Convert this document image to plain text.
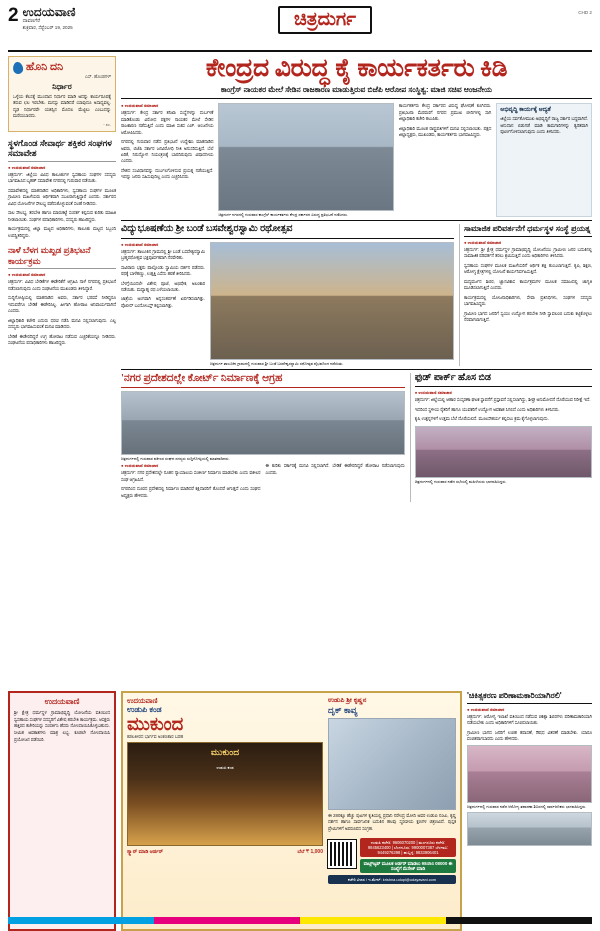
2 ಉದಯವಾಣಿ
ದಾವಣಗೆರೆ
ಶುಕ್ರವಾರ, ಸೆಪ್ಟೆಂಬರ್ 19, 2025	ಚಿತ್ರದುರ್ಗ	CHD 2
ಹೊನಿ ದನಿ
ಎಸ್. ಹೊಂಡಗಳ್
ನಿರ್ಧಾರ
ಒಳ್ಳೆಯ ಕೆಲಸಕ್ಕೆ ಮುಂದಾದ ನಿರ್ಧಾರ ಮಾಡಿ ಅದನ್ನು ಕಾರ್ಯರೂಪಕ್ಕೆ ತರುವ ಛಲ ಇರಬೇಕು. ಮನಸ್ಸು ಮಾಡಿದರೆ ಯಾವುದೂ ಅಸಾಧ್ಯವಲ್ಲ. ದೃಢ ನಿರ್ಧಾರವೇ ಯಶಸ್ಸಿನ ಮೊದಲ ಮೆಟ್ಟಿಲು ಎಂಬುದನ್ನು ಮರೆಯಬಾರದು.
- ಸಂ.
ಸ್ಥಳಗೊಂಡ ಸೇವಾರ್ಥ ಶಕ್ತಿಕರ ಸಂಘಗಳ ಸಮಾವೇಶ
● ಉದಯವಾಣಿ ಸಮಾಚಾರ

ಚಿತ್ರದುರ್ಗ: ಜಿಲ್ಲೆಯ ವಿವಿಧ ತಾಲೂಕುಗಳ ಸ್ವಸಹಾಯ ಸಂಘಗಳ ಸದಸ್ಯರು ಭಾಗವಹಿಸಿದ ಬೃಹತ್ ಸಮಾವೇಶ ನಗರದಲ್ಲಿ ಗುರುವಾರ ನಡೆಯಿತು.

ಸಮಾವೇಶದಲ್ಲಿ ಮಾತನಾಡಿದ ಅಧಿಕಾರಿಗಳು, ಸ್ವಸಹಾಯ ಸಂಘಗಳ ಮೂಲಕ ಗ್ರಾಮೀಣ ಮಹಿಳೆಯರು ಆರ್ಥಿಕವಾಗಿ ಸಬಲರಾಗುತ್ತಿದ್ದಾರೆ ಎಂದರು. ಸರ್ಕಾರದ ವಿವಿಧ ಯೋಜನೆಗಳ ಸೌಲಭ್ಯ ಪಡೆದುಕೊಳ್ಳುವಂತೆ ಸಲಹೆ ನೀಡಿದರು.

ಸಾಲ ಸೌಲಭ್ಯ, ತರಬೇತಿ ಹಾಗೂ ಮಾರುಕಟ್ಟೆ ಸಂಪರ್ಕ ಕಲ್ಪಿಸುವ ಕುರಿತು ಮಾಹಿತಿ ನೀಡಲಾಯಿತು. ಸಂಘಗಳ ಪದಾಧಿಕಾರಿಗಳು, ಸದಸ್ಯರು ಹಾಜರಿದ್ದರು.

ಕಾರ್ಯಕ್ರಮದಲ್ಲಿ ಜಿಲ್ಲಾ ಮಟ್ಟದ ಅಧಿಕಾರಿಗಳು, ತಾಲೂಕು ಮಟ್ಟದ ಸಿಬ್ಬಂದಿ ಉಪಸ್ಥಿತರಿದ್ದರು.

ನಾಳೆ ಬೆಳಗ ಮಖ್ಖಡ ಪ್ರತಿಭಟನೆ ಕಾರ್ಯಕ್ರಮ
● ಉದಯವಾಣಿ ಸಮಾಚಾರ

ಚಿತ್ರದುರ್ಗ: ವಿವಿಧ ಬೇಡಿಕೆಗಳ ಈಡೇರಿಕೆಗೆ ಆಗ್ರಹಿಸಿ ನಾಳೆ ನಗರದಲ್ಲಿ ಪ್ರತಿಭಟನೆ ನಡೆಸಲಾಗುವುದು ಎಂದು ಸಂಘಟನೆಯ ಮುಖಂಡರು ತಿಳಿಸಿದ್ದಾರೆ.

ಸುದ್ದಿಗೋಷ್ಠಿಯಲ್ಲಿ ಮಾತನಾಡಿದ ಅವರು, ಸರ್ಕಾರ ಭರವಸೆ ನೀಡಿದ್ದರೂ ಇದುವರೆಗೂ ಬೇಡಿಕೆ ಈಡೇರಿಸಿಲ್ಲ. ಹೀಗಾಗಿ ಹೋರಾಟ ಅನಿವಾರ್ಯವಾಗಿದೆ ಎಂದರು.

ಜಿಲ್ಲಾಧಿಕಾರಿ ಕಚೇರಿ ಎದುರು ಧರಣಿ ನಡೆಸಿ ಮನವಿ ಸಲ್ಲಿಸಲಾಗುವುದು. ಎಲ್ಲ ಸದಸ್ಯರು ಭಾಗವಹಿಸುವಂತೆ ಮನವಿ ಮಾಡಿದರು.

ಬೇಡಿಕೆ ಈಡೇರದಿದ್ದರೆ ಉಗ್ರ ಹೋರಾಟ ನಡೆಸುವ ಎಚ್ಚರಿಕೆಯನ್ನೂ ನೀಡಿದರು. ಸಂಘಟನೆಯ ಪದಾಧಿಕಾರಿಗಳು ಹಾಜರಿದ್ದರು.

ಕೇಂದ್ರದ ವಿರುದ್ಧ ಕೈ ಕಾರ್ಯಕರ್ತರು ಕಿಡಿ
ಕಾಂಗ್ರೆಸ್ ನಾಯಕರ ಮೇಲೆ ಸೇಡಿನ ರಾಜಕಾರಣ ಮಾಡುತ್ತಿರುವ ಬಿಜೆಪಿ ಆರೋಪ ಸಂಸ್ಥಿತ್ವ: ಮಾಜಿ ಸಚಿವ ಆಂಜನೇಯ
● ಉದಯವಾಣಿ ಸಮಾಚಾರ

ಚಿತ್ರದುರ್ಗ: ಕೇಂದ್ರ ಸರ್ಕಾರ ತನಿಖಾ ಸಂಸ್ಥೆಗಳನ್ನು ದುರ್ಬಳಕೆ ಮಾಡಿಕೊಂಡು ವಿರೋಧ ಪಕ್ಷಗಳ ನಾಯಕರ ಮೇಲೆ ಸೇಡಿನ ರಾಜಕಾರಣ ನಡೆಸುತ್ತಿದೆ ಎಂದು ಮಾಜಿ ಸಚಿವ ಎಚ್. ಆಂಜನೇಯ ಆರೋಪಿಸಿದರು.

ನಗರದಲ್ಲಿ ಗುರುವಾರ ನಡೆದ ಪ್ರತಿಭಟನೆ ಉದ್ದೇಶಿಸಿ ಮಾತನಾಡಿದ ಅವರು, ಬಿಜೆಪಿ ಸರ್ಕಾರ ಜನವಿರೋಧಿ ನೀತಿ ಅನುಸರಿಸುತ್ತಿದೆ. ಬೆಲೆ ಏರಿಕೆ, ನಿರುದ್ಯೋಗ ನಿಯಂತ್ರಣಕ್ಕೆ ಬಾರದಿರುವುದು ವಿಷಾದನೀಯ ಎಂದರು.

ದೇಶದ ಸಂವಿಧಾನವನ್ನು ದುರ್ಬಲಗೊಳಿಸುವ ಪ್ರಯತ್ನ ನಡೆಯುತ್ತಿದೆ. ಇದನ್ನು ಜನರು ಸಹಿಸುವುದಿಲ್ಲ ಎಂದು ಎಚ್ಚರಿಸಿದರು.

ಚಿತ್ರದುರ್ಗ ನಗರದಲ್ಲಿ ಗುರುವಾರ ಕಾಂಗ್ರೆಸ್ ಕಾರ್ಯಕರ್ತರು ಕೇಂದ್ರ ಸರ್ಕಾರದ ವಿರುದ್ಧ ಪ್ರತಿಭಟನೆ ನಡೆಸಿದರು.

ಕಾರ್ಯಕರ್ತರು ಕೇಂದ್ರ ಸರ್ಕಾರದ ವಿರುದ್ಧ ಘೋಷಣೆ ಕೂಗಿದರು. ಪ್ರತಿಭಟನಾ ಮೆರವಣಿಗೆ ನಗರದ ಪ್ರಮುಖ ಬೀದಿಗಳಲ್ಲಿ ಸಾಗಿ ಜಿಲ್ಲಾಧಿಕಾರಿ ಕಚೇರಿ ತಲುಪಿತು.

ಜಿಲ್ಲಾಧಿಕಾರಿ ಮೂಲಕ ರಾಷ್ಟ್ರಪತಿಗಳಿಗೆ ಮನವಿ ಸಲ್ಲಿಸಲಾಯಿತು. ಪಕ್ಷದ ಜಿಲ್ಲಾಧ್ಯಕ್ಷರು, ಮುಖಂಡರು, ಕಾರ್ಯಕರ್ತರು ಭಾಗವಹಿಸಿದ್ದರು.

ಅಭಿವೃದ್ಧಿ ಕಾರ್ಯಕ್ಕೆ ಆದ್ಯತೆ
ಜಿಲ್ಲೆಯ ಸರ್ವತೋಮುಖ ಅಭಿವೃದ್ಧಿಗೆ ರಾಜ್ಯ ಸರ್ಕಾರ ಬದ್ಧವಾಗಿದೆ. ಅನುದಾನ ಬಿಡುಗಡೆ ಮಾಡಿ ಕಾಮಗಾರಿಗಳನ್ನು ತ್ವರಿತವಾಗಿ ಪೂರ್ಣಗೊಳಿಸಲಾಗುವುದು ಎಂದು ತಿಳಿಸಿದರು.
ವಿದ್ಯುಭೂಷಣೆಯ ಶ್ರೀ ಬಂಡೆ ಬಸವೇಶ್ವರಸ್ವಾಮಿ ರಥೋತ್ಸವ
● ಉದಯವಾಣಿ ಸಮಾಚಾರ

ಚಿತ್ರದುರ್ಗ: ತಾಲೂಕಿನ ಗ್ರಾಮದಲ್ಲಿ ಶ್ರೀ ಬಂಡೆ ಬಸವೇಶ್ವರಸ್ವಾಮಿ ಬ್ರಹ್ಮರಥೋತ್ಸವ ಭಕ್ತಿಪೂರ್ವಕವಾಗಿ ನೆರವೇರಿತು.

ಸಾವಿರಾರು ಭಕ್ತರು ಪಾಲ್ಗೊಂಡು ಸ್ವಾಮಿಯ ದರ್ಶನ ಪಡೆದರು. ರಥಕ್ಕೆ ಬಾಳೆಹಣ್ಣು, ಉತ್ತತ್ತಿ ಎಸೆದು ಹರಕೆ ತೀರಿಸಿದರು.

ಬೆಳಗ್ಗೆಯಿಂದಲೇ ವಿಶೇಷ ಪೂಜೆ, ಅಭಿಷೇಕ, ಅಲಂಕಾರ ನಡೆಯಿತು. ಮಧ್ಯಾಹ್ನ ರಥ ಎಳೆಯಲಾಯಿತು.

ಜಾತ್ರೆಯ ಅಂಗವಾಗಿ ಅನ್ನಸಂತರ್ಪಣೆ ಏರ್ಪಡಿಸಲಾಗಿತ್ತು. ಪೊಲೀಸ್ ಬಂದೋಬಸ್ತ್ ಕಲ್ಪಿಸಲಾಗಿತ್ತು.

ಚಿತ್ರದುರ್ಗ ತಾಲೂಕಿನ ಗ್ರಾಮದಲ್ಲಿ ಗುರುವಾರ ಶ್ರೀ ಬಂಡೆ ಬಸವೇಶ್ವರಸ್ವಾಮಿ ರಥೋತ್ಸವ ವೈಭವದಿಂದ ನಡೆಯಿತು.
ಸಾಮಾಜಿಕ ಪರಿವರ್ತನೆಗೆ ಧರ್ಮಸ್ಥಳ ಸಂಸ್ಥೆ ಪ್ರಯತ್ನ
● ಉದಯವಾಣಿ ಸಮಾಚಾರ

ಚಿತ್ರದುರ್ಗ: ಶ್ರೀ ಕ್ಷೇತ್ರ ಧರ್ಮಸ್ಥಳ ಗ್ರಾಮಾಭಿವೃದ್ಧಿ ಯೋಜನೆಯು ಗ್ರಾಮೀಣ ಜನರ ಬದುಕಿನಲ್ಲಿ ಸಾಮಾಜಿಕ ಪರಿವರ್ತನೆ ತರಲು ಶ್ರಮಿಸುತ್ತಿದೆ ಎಂದು ಅಧಿಕಾರಿಗಳು ತಿಳಿಸಿದರು.

ಸ್ವಸಹಾಯ ಸಂಘಗಳ ಮೂಲಕ ಮಹಿಳೆಯರಿಗೆ ಆರ್ಥಿಕ ಶಕ್ತಿ ತುಂಬಲಾಗುತ್ತಿದೆ. ಕೃಷಿ, ಶಿಕ್ಷಣ, ಆರೋಗ್ಯ ಕ್ಷೇತ್ರಗಳಲ್ಲಿ ಯೋಜನೆ ಕಾರ್ಯನಿರ್ವಹಿಸುತ್ತಿದೆ.

ಮದ್ಯವರ್ಜನ ಶಿಬಿರ, ಜ್ಞಾನವಿಕಾಸ ಕಾರ್ಯಕ್ರಮಗಳ ಮೂಲಕ ಸಮಾಜದಲ್ಲಿ ಜಾಗೃತಿ ಮೂಡಿಸಲಾಗುತ್ತಿದೆ ಎಂದರು.

ಕಾರ್ಯಕ್ರಮದಲ್ಲಿ ಯೋಜನಾಧಿಕಾರಿಗಳು, ಸೇವಾ ಪ್ರತಿನಿಧಿಗಳು, ಸಂಘಗಳ ಸದಸ್ಯರು ಭಾಗವಹಿಸಿದ್ದರು.

ಗ್ರಾಮೀಣ ಭಾಗದ ಜನರಿಗೆ ಸ್ವಯಂ ಉದ್ಯೋಗ ತರಬೇತಿ ನೀಡಿ ಸ್ವಾವಲಂಬಿ ಬದುಕು ಕಟ್ಟಿಕೊಳ್ಳಲು ನೆರವಾಗಲಾಗುತ್ತಿದೆ.

'ನಗರ ಪ್ರದೇಶದಲ್ಲೇ ಕೋರ್ಟ್ ನಿರ್ಮಾಣಕ್ಕೆ ಆಗ್ರಹ
ಚಿತ್ರದುರ್ಗದಲ್ಲಿ ಗುರುವಾರ ವಕೀಲರ ಸಂಘದ ಸದಸ್ಯರು ಸುದ್ದಿಗೋಷ್ಠಿಯಲ್ಲಿ ಮಾತನಾಡಿದರು.
● ಉದಯವಾಣಿ ಸಮಾಚಾರ

ಚಿತ್ರದುರ್ಗ: ನಗರ ಪ್ರದೇಶದಲ್ಲೇ ನೂತನ ನ್ಯಾಯಾಲಯ ಸಂಕೀರ್ಣ ನಿರ್ಮಾಣ ಮಾಡಬೇಕು ಎಂದು ವಕೀಲರ ಸಂಘ ಆಗ್ರಹಿಸಿದೆ.

ನಗರದಿಂದ ದೂರದ ಪ್ರದೇಶದಲ್ಲಿ ನಿರ್ಮಾಣ ಮಾಡಿದರೆ ಕಕ್ಷಿದಾರರಿಗೆ ತೊಂದರೆ ಆಗುತ್ತದೆ ಎಂದು ಸಂಘದ ಅಧ್ಯಕ್ಷರು ಹೇಳಿದರು.

ಈ ಕುರಿತು ಸರ್ಕಾರಕ್ಕೆ ಮನವಿ ಸಲ್ಲಿಸಲಾಗಿದೆ. ಬೇಡಿಕೆ ಈಡೇರದಿದ್ದರೆ ಹೋರಾಟ ನಡೆಸಲಾಗುವುದು ಎಂದರು.

ಫುಡ್ ಪಾರ್ಕ್ ಹೊಸ ಬಿಡ
● ಉದಯವಾಣಿ ಸಮಾಚಾರ

ಚಿತ್ರದುರ್ಗ: ಜಿಲ್ಲೆಯಲ್ಲಿ ಆಹಾರ ಸಂಸ್ಕರಣಾ ಘಟಕ ಸ್ಥಾಪನೆಗೆ ಪ್ರಸ್ತಾವನೆ ಸಲ್ಲಿಸಲಾಗಿದ್ದು, ಶೀಘ್ರ ಅನುಮೋದನೆ ದೊರೆಯುವ ನಿರೀಕ್ಷೆ ಇದೆ.

ಇದರಿಂದ ಸ್ಥಳೀಯ ರೈತರಿಗೆ ಹಾಗೂ ಯುವಕರಿಗೆ ಉದ್ಯೋಗ ಅವಕಾಶ ಸಿಗಲಿದೆ ಎಂದು ಅಧಿಕಾರಿಗಳು ತಿಳಿಸಿದರು.

ಕೃಷಿ ಉತ್ಪನ್ನಗಳಿಗೆ ಉತ್ತಮ ಬೆಲೆ ದೊರೆಯಲಿದೆ. ಮೂಲಸೌಕರ್ಯ ಕಲ್ಪಿಸಲು ಕ್ರಮ ಕೈಗೊಳ್ಳಲಾಗುವುದು.

ಚಿತ್ರದುರ್ಗದಲ್ಲಿ ಗುರುವಾರ ನಡೆದ ಸಭೆಯಲ್ಲಿ ಮಹಿಳೆಯರು ಭಾಗವಹಿಸಿದ್ದರು.
ಉದಯವಾಣಿ
ಶ್ರೀ ಕ್ಷೇತ್ರ ಧರ್ಮಸ್ಥಳ ಗ್ರಾಮಾಭಿವೃದ್ಧಿ ಯೋಜನೆಯ ವತಿಯಿಂದ ಸ್ವಸಹಾಯ ಸಂಘಗಳ ಸದಸ್ಯರಿಗೆ ವಿಶೇಷ ತರಬೇತಿ ಕಾರ್ಯಕ್ರಮ. ಆಸಕ್ತರು ಹತ್ತಿರದ ಕಚೇರಿಯನ್ನು ಸಂಪರ್ಕಿಸಿ ಹೆಸರು ನೋಂದಾಯಿಸಿಕೊಳ್ಳಬಹುದು. ಸೀಮಿತ ಅವಕಾಶಗಳು ಮಾತ್ರ ಲಭ್ಯ. ಕೂಡಲೇ ನೋಂದಾಯಿಸಿ ಪ್ರಯೋಜನ ಪಡೆಯಿರಿ.
ಉದಯವಾಣಿ
ಉಡುಪಿ ಕಂಡ
ಮುಕುಂದ
ಕಡಲತೀರದ ಭಾರ್ಗವ ಅಂಕಣಕಾರ ಬರಹ
ಉಡುಪಿ ಕಂಡ
ಮುಕುಂದ
ಸ್ಕ್ಯಾನ್ ಮಾಡಿ ಆರ್ಡರ್	ಬೆಲೆ ₹ 1,000
ಉಡುಪಿ ಶ್ರೀ ಕೃಷ್ಣನ
ದೃಕ್ ಕಾವ್ಯ
ಈ 280ಕ್ಕೂ ಹೆಚ್ಚು ಪುಟಗಳ ಕೃತಿಯಲ್ಲಿ ಪ್ರಧಾನಿ ನರೇಂದ್ರ ಮೋದಿ ಅವರ ಉಡುಪಿ ನಂಟು, ಕೃಷ್ಣ ದರ್ಶನ ಹಾಗೂ ಸಾರ್ವಜನಿಕ ಬದುಕಿನ ಹಲವು ಸ್ಮರಣೀಯ ಕ್ಷಣಗಳ ಚಿತ್ರಣವಿದೆ. ಪುಸ್ತಕ ಪ್ರೇಮಿಗಳಿಗೆ ಅಪರೂಪದ ಸಂಗ್ರಹ.
ಉಡುಪಿ ಕಚೇರಿ: 9606070200 | ಮಂಗಳೂರು ಕಚೇರಿ: 9845623400 | ಬೆಂಗಳೂರು: 9900007387 ಬೆಳಗಾವಿ: 9449276398 | ಹುಬ್ಬಳ್ಳಿ: 9833906401
ವಾಟ್ಸ್‌ಆ್ಯಪ್ ಮೂಲಕ ಆರ್ಡರ್ ಮಾಡಲು 98454 08000 ಈ ಸಂಖ್ಯೆಗೆ ಮೆಸೇಜ್ ಮಾಡಿ
ಕಚೇರಿ ವಿಳಾಸ / ಇ-ಮೇಲ್: krishna.udupi@udayavani.com
'ಚಿಕಿತ್ಸಕರಣ ಪರಿಣಾಮಕಾರಿಯಾಗಿರಲಿ'
● ಉದಯವಾಣಿ ಸಮಾಚಾರ

ಚಿತ್ರದುರ್ಗ: ಆರೋಗ್ಯ ಇಲಾಖೆ ವತಿಯಿಂದ ನಡೆಸುವ ಚಿಕಿತ್ಸಾ ಶಿಬಿರಗಳು ಪರಿಣಾಮಕಾರಿಯಾಗಿ ನಡೆಯಬೇಕು ಎಂದು ಅಧಿಕಾರಿಗಳಿಗೆ ಸೂಚಿಸಲಾಯಿತು.

ಗ್ರಾಮೀಣ ಭಾಗದ ಜನರಿಗೆ ಉಚಿತ ತಪಾಸಣೆ, ಔಷಧ ವಿತರಣೆ ಮಾಡಬೇಕು. ಯಾರೂ ವಂಚಿತರಾಗಬಾರದು ಎಂದು ಹೇಳಿದರು.

ಚಿತ್ರದುರ್ಗದಲ್ಲಿ ಗುರುವಾರ ನಡೆದ ಆರೋಗ್ಯ ತಪಾಸಣಾ ಶಿಬಿರದಲ್ಲಿ ಸಾರ್ವಜನಿಕರು ಭಾಗವಹಿಸಿದ್ದರು.
